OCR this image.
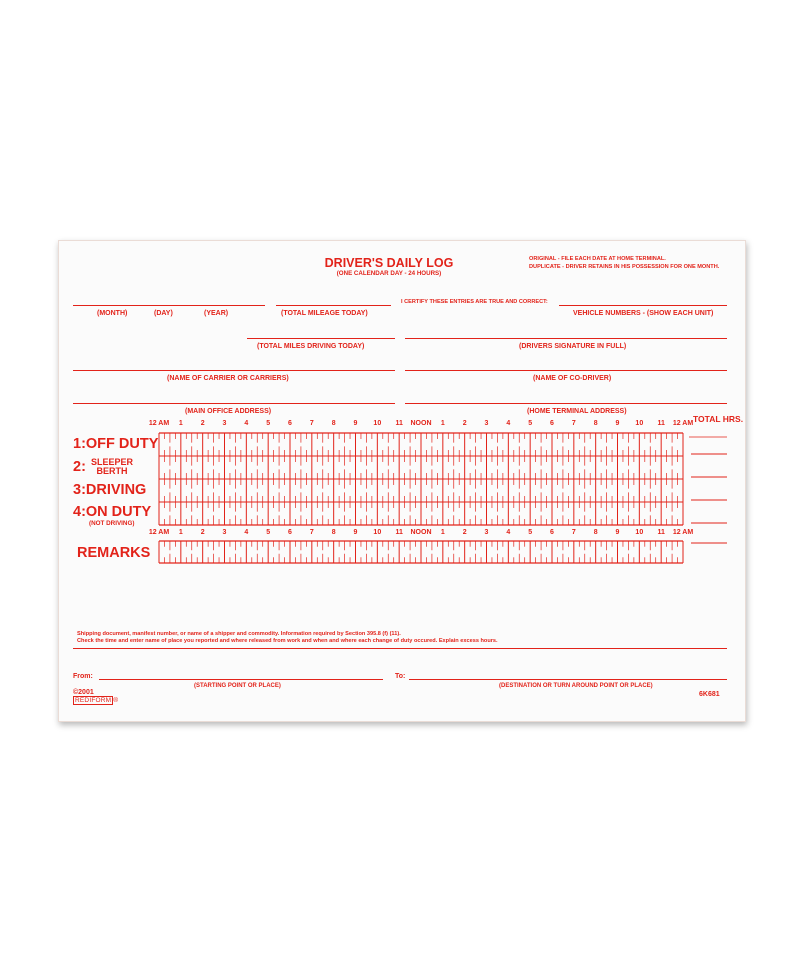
DRIVER'S DAILY LOG
(ONE CALENDAR DAY - 24 HOURS)
ORIGINAL - FILE EACH DATE AT HOME TERMINAL.
DUPLICATE - DRIVER RETAINS IN HIS POSSESSION FOR ONE MONTH.
I CERTIFY THESE ENTRIES ARE TRUE AND CORRECT:
(MONTH)	(DAY)	(YEAR)	(TOTAL MILEAGE TODAY)	VEHICLE NUMBERS - (SHOW EACH UNIT)
(TOTAL MILES DRIVING TODAY)	(DRIVERS SIGNATURE IN FULL)
(NAME OF CARRIER OR CARRIERS)	(NAME OF CO-DRIVER)
(MAIN OFFICE ADDRESS)	(HOME TERMINAL ADDRESS)
12 AM	1	2	3	4	5	6	7	8	9	10	11	NOON	1	2	3	4	5	6	7	8	9	10	11	12 AM TOTAL HRS.
1:OFF DUTY
2: SLEEPER
BERTH
3:DRIVING
4:ON DUTY
(NOT DRIVING)
12 AM	1	2	3	4	5	6	7	8	9	10	11	NOON	1	2	3	4	5	6	7	8	9	10	11	12 AM
REMARKS
Shipping document, manifest number, or name of a shipper and commodity. Information required by Section 395.8 (f) (11).
Check the time and enter name of place you reported and where released from work and when and where each change of duty occured. Explain excess hours.
From:	To:
(STARTING POINT OR PLACE)	(DESTINATION OR TURN AROUND POINT OR PLACE)
©2001
REDIFORM ®
6K681
